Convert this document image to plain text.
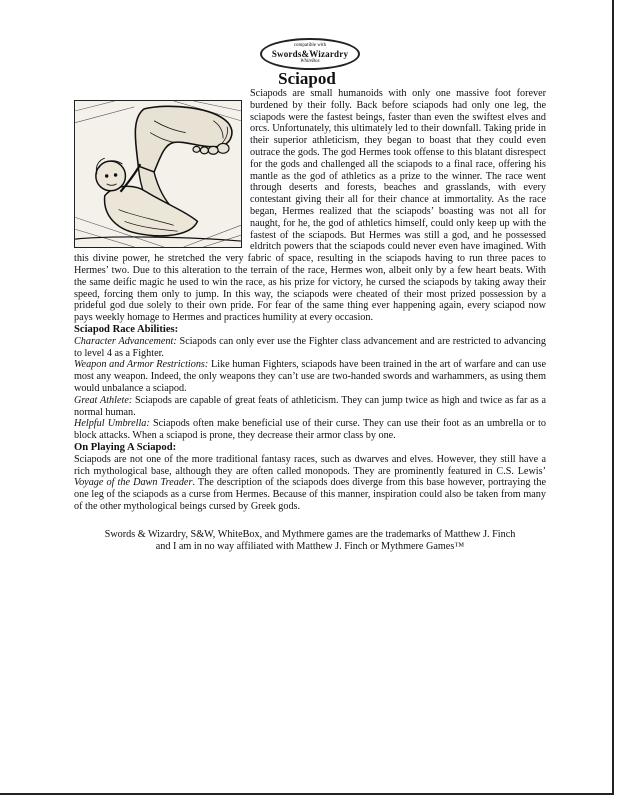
compatible with
Swords&Wizardry
WhiteBox
Sciapod

Sciapods are small humanoids with only one massive foot forever burdened by their folly. Back before sciapods had only one leg, the sciapods were the fastest beings, faster than even the swiftest elves and orcs. Unfortunately, this ultimately led to their downfall. Taking pride in their superior athleticism, they began to boast that they could even outrace the gods. The god Hermes took offense to this blatant disrespect for the gods and challenged all the sciapods to a final race, offering his mantle as the god of athletics as a prize to the winner. The race went through deserts and forests, beaches and grasslands, with every contestant giving their all for their chance at immortality. As the race began, Hermes realized that the sciapods’ boasting was not all for naught, for he, the god of athletics himself, could only keep up with the fastest of the sciapods. But Hermes was still a god, and he possessed eldritch powers that the sciapods could never even have imagined. With this divine power, he stretched the very fabric of space, resulting in the sciapods having to run three paces to Hermes’ two. Due to this alteration to the terrain of the race, Hermes won, albeit only by a few heart beats. With the same deific magic he used to win the race, as his prize for victory, he cursed the sciapods by taking away their speed, forcing them only to jump. In this way, the sciapods were cheated of their most prized possession by a prideful god due solely to their own pride. For fear of the same thing ever happening again, every sciapod now pays weekly homage to Hermes and practices humility at every occasion.

Sciapod Race Abilities:

Character Advancement: Sciapods can only ever use the Fighter class advancement and are restricted to advancing to level 4 as a Fighter.

Weapon and Armor Restrictions: Like human Fighters, sciapods have been trained in the art of warfare and can use most any weapon. Indeed, the only weapons they can’t use are two-handed swords and warhammers, as using them would unbalance a sciapod.

Great Athlete: Sciapods are capable of great feats of athleticism. They can jump twice as high and twice as far as a normal human.

Helpful Umbrella: Sciapods often make beneficial use of their curse. They can use their foot as an umbrella or to block attacks. When a sciapod is prone, they decrease their armor class by one.

On Playing A Sciapod:

Sciapods are not one of the more traditional fantasy races, such as dwarves and elves. However, they still have a rich mythological base, although they are often called monopods. They are prominently featured in C.S. Lewis’ Voyage of the Dawn Treader. The description of the sciapods does diverge from this base however, portraying the one leg of the sciapods as a curse from Hermes. Because of this manner, inspiration could also be taken from many of the other mythological beings cursed by Greek gods.

Swords & Wizardry, S&W, WhiteBox, and Mythmere games are the trademarks of Matthew J. Finch
and I am in no way affiliated with Matthew J. Finch or Mythmere Games™
